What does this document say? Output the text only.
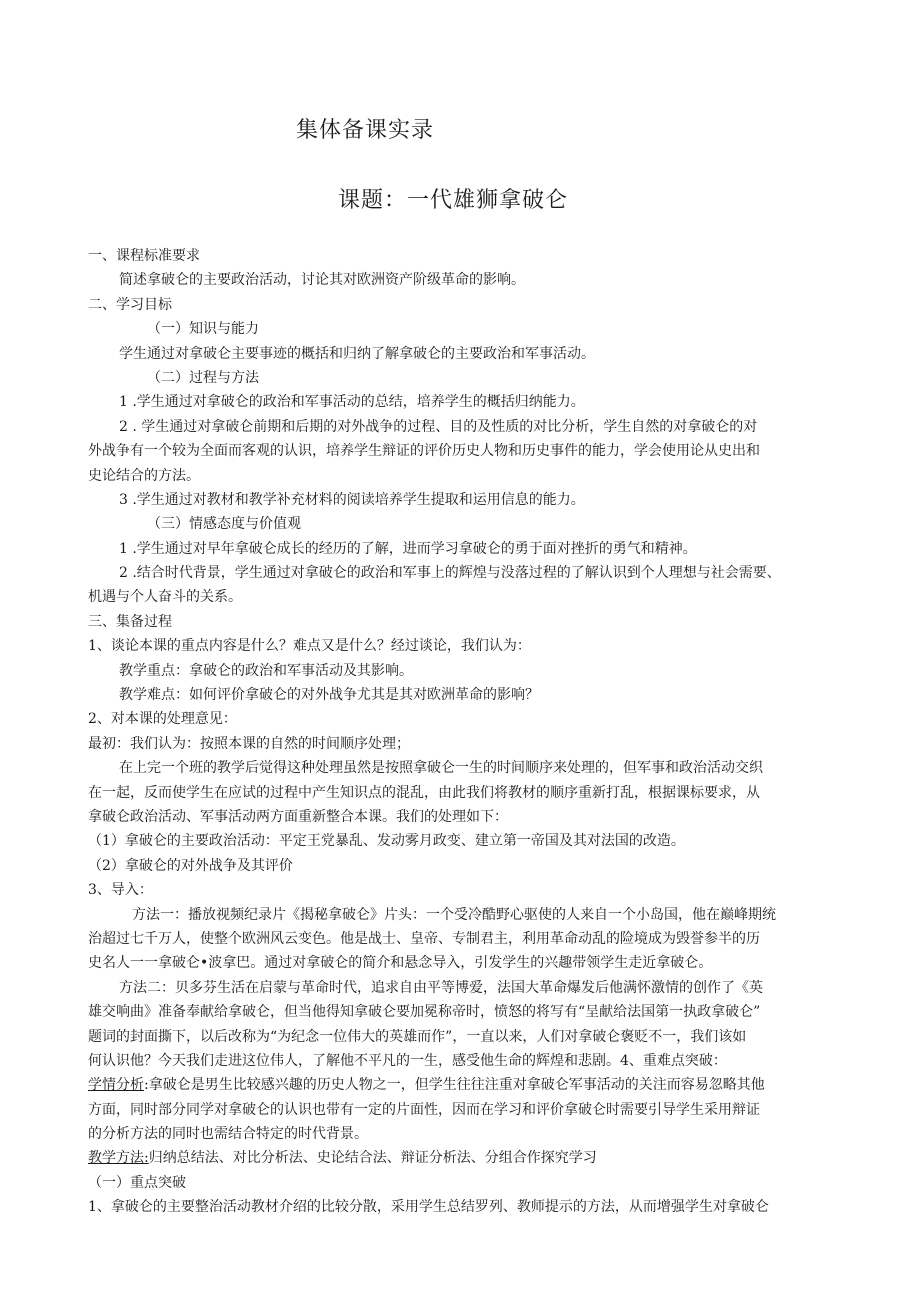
集体备课实录
课题：一代雄狮拿破仑
一、课程标准要求
简述拿破仑的主要政治活动，讨论其对欧洲资产阶级革命的影响。
二、学习目标
（一）知识与能力
学生通过对拿破仑主要事迹的概括和归纳了解拿破仑的主要政治和军事活动。
（二）过程与方法
1 .学生通过对拿破仑的政治和军事活动的总结，培养学生的概括归纳能力。
2 . 学生通过对拿破仑前期和后期的对外战争的过程、目的及性质的对比分析，学生自然的对拿破仑的对
外战争有一个较为全面而客观的认识，培养学生辩证的评价历史人物和历史事件的能力，学会使用论从史出和
史论结合的方法。
3 .学生通过对教材和教学补充材料的阅读培养学生提取和运用信息的能力。
（三）情感态度与价值观
1 .学生通过对早年拿破仑成长的经历的了解，进而学习拿破仑的勇于面对挫折的勇气和精神。
2 .结合时代背景，学生通过对拿破仑的政治和军事上的辉煌与没落过程的了解认识到个人理想与社会需要、
机遇与个人奋斗的关系。
三、集备过程
1、谈论本课的重点内容是什么？难点又是什么？经过谈论，我们认为：
教学重点：拿破仑的政治和军事活动及其影响。
教学难点：如何评价拿破仑的对外战争尤其是其对欧洲革命的影响？
2、对本课的处理意见：
最初：我们认为：按照本课的自然的时间顺序处理；
在上完一个班的教学后觉得这种处理虽然是按照拿破仑一生的时间顺序来处理的，但军事和政治活动交织
在一起，反而使学生在应试的过程中产生知识点的混乱，由此我们将教材的顺序重新打乱，根据课标要求，从
拿破仑政治活动、军事活动两方面重新整合本课。我们的处理如下：
（1）拿破仑的主要政治活动：平定王党暴乱、发动雾月政变、建立第一帝国及其对法国的改造。
（2）拿破仑的对外战争及其评价
3、导入：
方法一：播放视频纪录片《揭秘拿破仑》片头：一个受冷酷野心驱使的人来自一个小岛国，他在巅峰期统
治超过七千万人，使整个欧洲风云变色。他是战士、皇帝、专制君主，利用革命动乱的险境成为毁誉参半的历
史名人一一拿破仑•波拿巴。通过对拿破仑的简介和悬念导入，引发学生的兴趣带领学生走近拿破仑。
方法二：贝多芬生活在启蒙与革命时代，追求自由平等博爱，法国大革命爆发后他满怀激情的创作了《英
雄交响曲》准备奉献给拿破仑，但当他得知拿破仑要加冕称帝时，愤怒的将写有“呈献给法国第一执政拿破仑”
题词的封面撕下，以后改称为“为纪念一位伟大的英雄而作”，一直以来，人们对拿破仑褒贬不一，我们该如
何认识他？今天我们走进这位伟人，了解他不平凡的一生，感受他生命的辉煌和悲剧。4、重难点突破：
学情分析:拿破仑是男生比较感兴趣的历史人物之一，但学生往往注重对拿破仑军事活动的关注而容易忽略其他
方面，同时部分同学对拿破仑的认识也带有一定的片面性，因而在学习和评价拿破仑时需要引导学生采用辩证
的分析方法的同时也需结合特定的时代背景。
教学方法:归纳总结法、对比分析法、史论结合法、辩证分析法、分组合作探究学习
（一）重点突破
1、拿破仑的主要整治活动教材介绍的比较分散，采用学生总结罗列、教师提示的方法，从而增强学生对拿破仑
